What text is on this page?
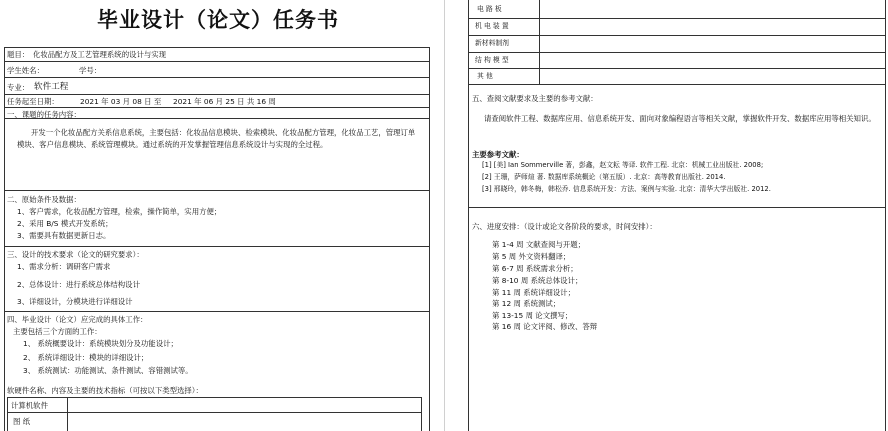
毕业设计（论文）任务书
题目： 化妆品配方及工艺管理系统的设计与实现
学生姓名：	学号：
专业： 软件工程
任务起至日期：	2021 年 03 月 08 日 至 2021 年 06 月 25 日 共 16 周
一、课题的任务内容：
开发一个化妆品配方关系信息系统，主要包括：化妆品信息模块、检索模块、化妆品配方管理，化妆品工艺，管理订单模块、客户信息模块、系统管理模块。通过系统的开发掌握管理信息系统设计与实现的全过程。
二、原始条件及数据：
1、客户需求，化妆品配方管理，检索，操作简单，实用方便；
2、采用 B/S 模式开发系统；
3、需要具有数据更新日志。
三、设计的技术要求（论文的研究要求）：
1、需求分析：调研客户需求
2、总体设计：进行系统总体结构设计
3、详细设计，分模块进行详细设计
四、毕业设计（论文）应完成的具体工作：
主要包括三个方面的工作：
1、 系统概要设计：系统模块划分及功能设计；
2、 系统详细设计：模块的详细设计；
3、 系统测试：功能测试、条件测试、容错测试等。
软硬件名称、内容及主要的技术指标（可按以下类型选择）：
计算机软件
图 纸
电 路 板
机 电 装 置
新材料制剂
结 构 模 型
其 他
五、查阅文献要求及主要的参考文献：
请查阅软件工程、数据库应用、信息系统开发、面向对象编程语言等相关文献，掌握软件开发、数据库应用等相关知识。
主要参考文献：
[1] [美] Ian Sommerville 著，彭鑫，赵文耘 等译. 软件工程. 北京：机械工业出版社. 2008;
[2] 王珊，萨师煊 著. 数据库系统概论（第五版）. 北京：高等教育出版社. 2014.
[3] 邢晓玲，韩冬梅，韩松乔. 信息系统开发：方法、案例与实验. 北京：清华大学出版社. 2012.
六、进度安排：（设计或论文各阶段的要求，时间安排）：
第 1-4 周 文献查阅与开题；
第 5 周 外文资料翻译；
第 6-7 周 系统需求分析；
第 8-10 周 系统总体设计；
第 11 周 系统详细设计；
第 12 周 系统测试；
第 13-15 周 论文撰写；
第 16 周 论文评阅、修改、答辩
